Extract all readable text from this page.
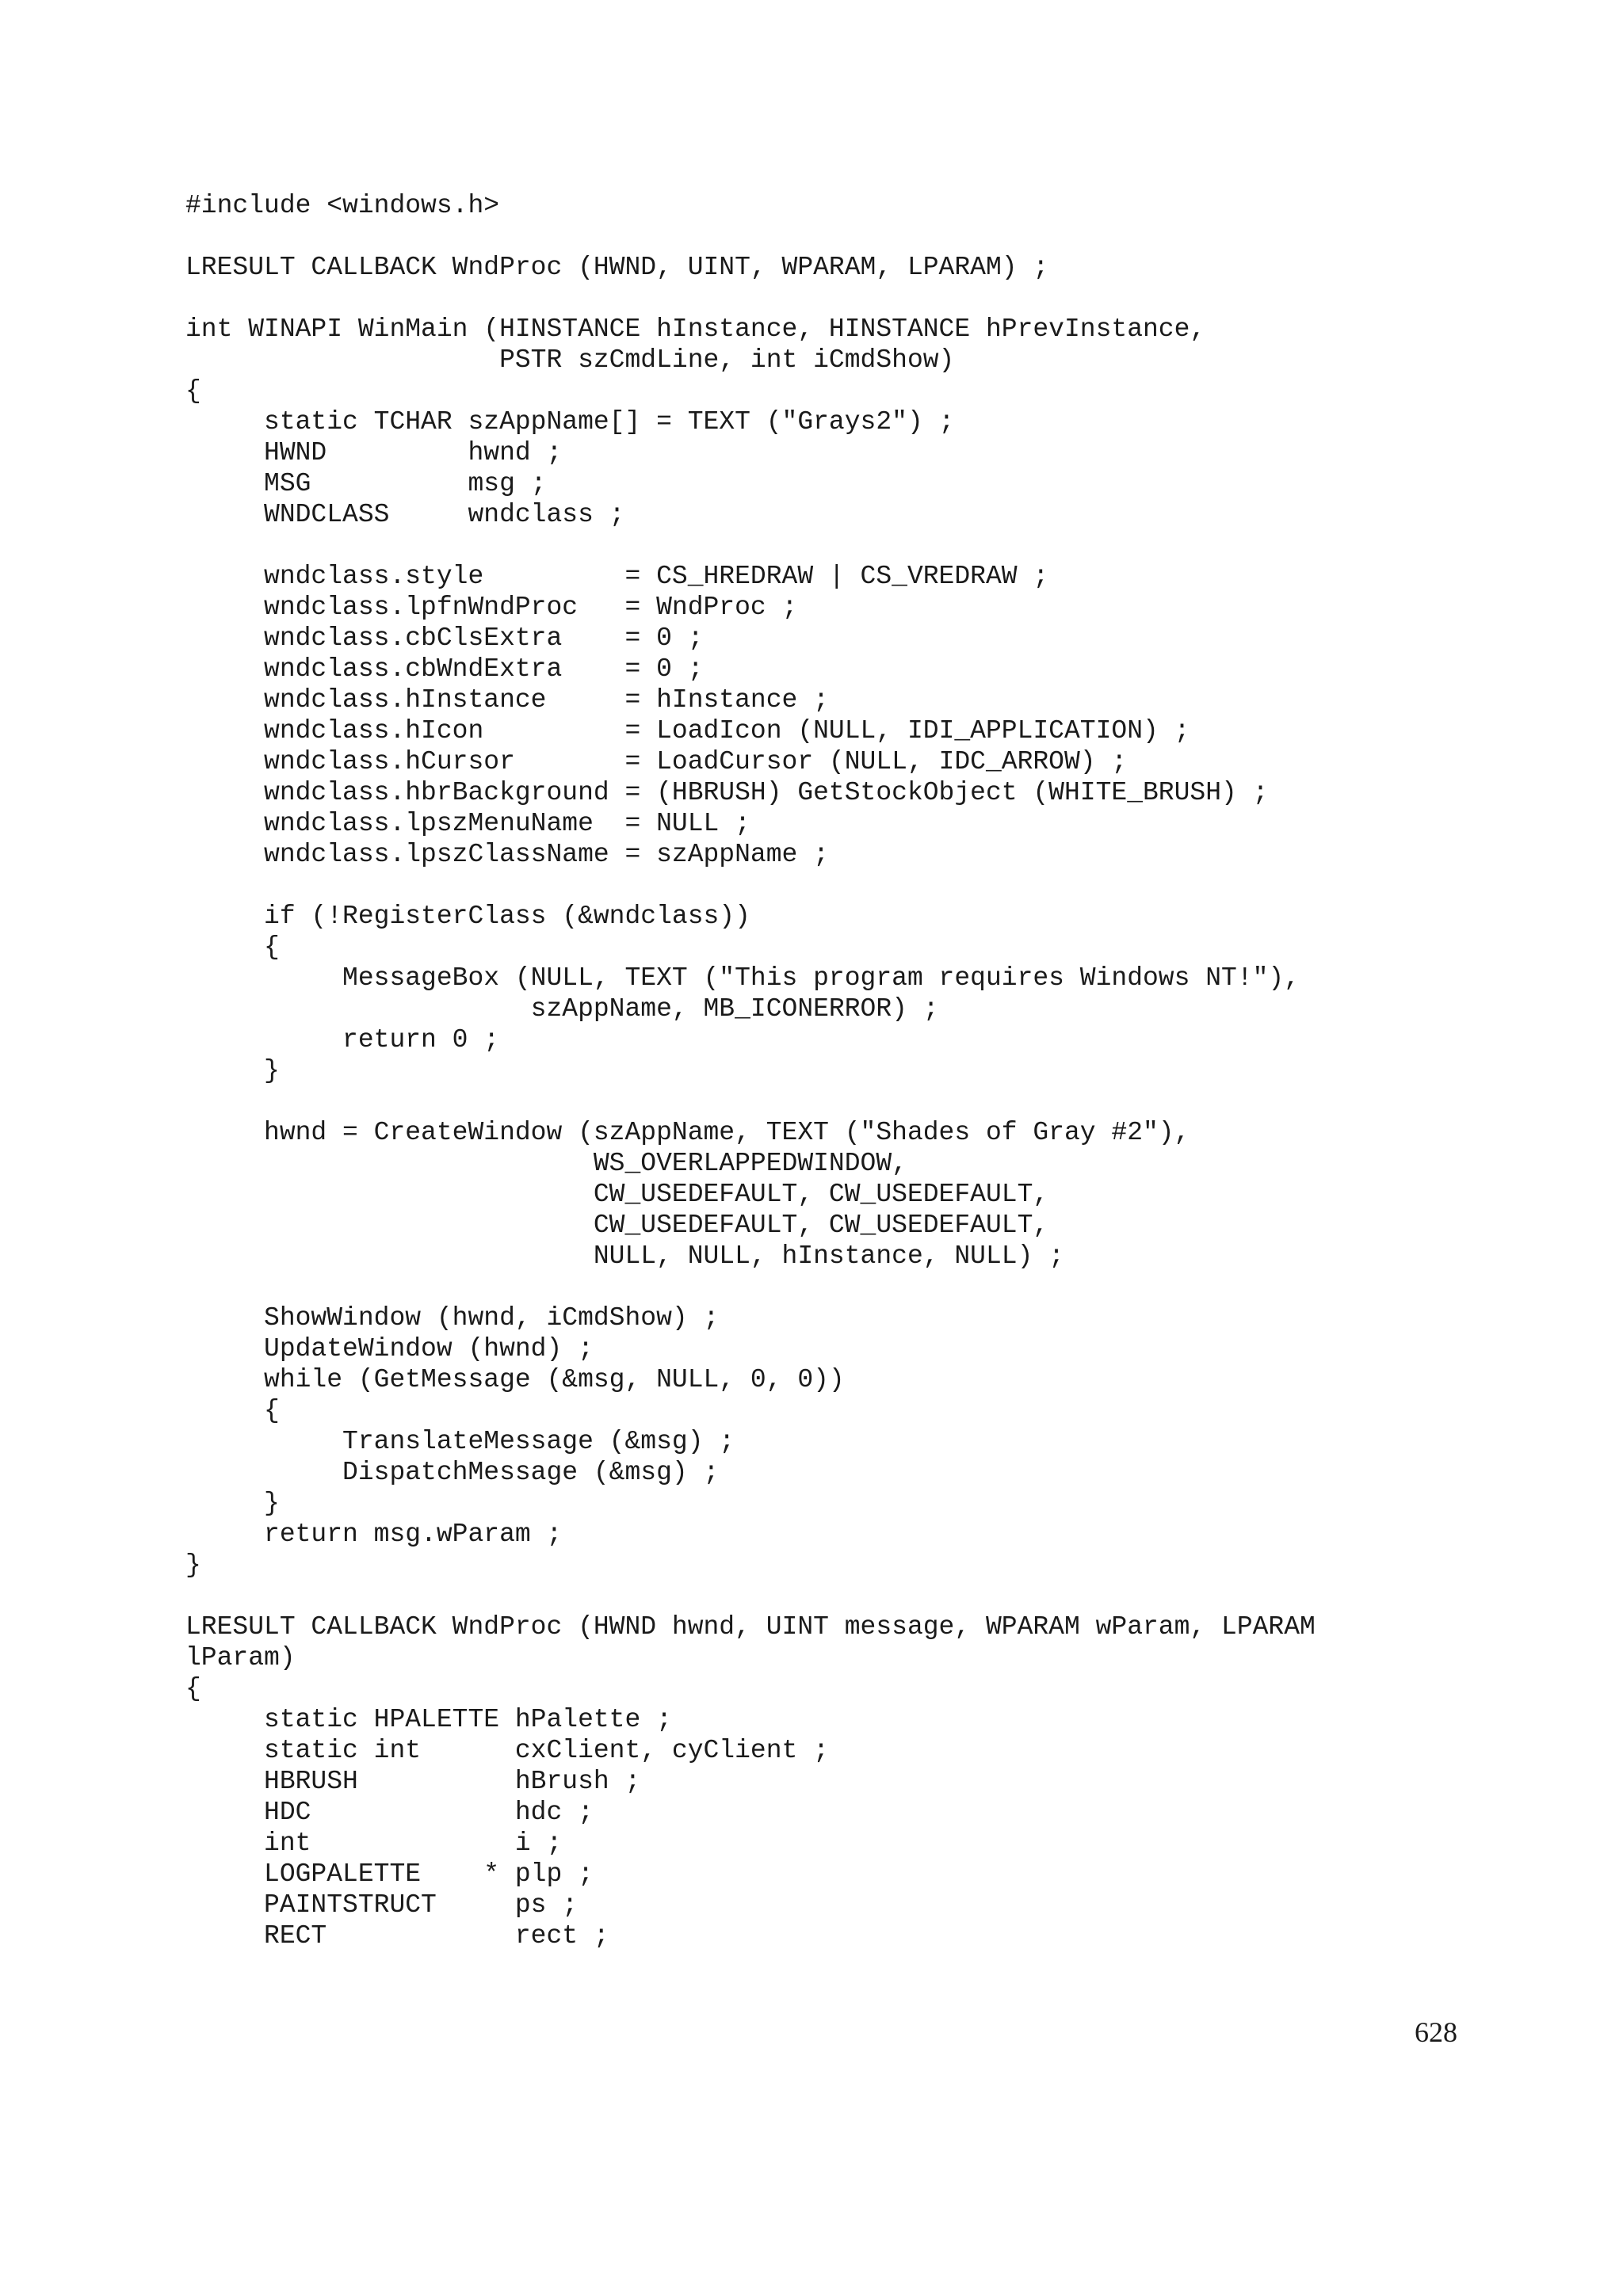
#include <windows.h>
LRESULT CALLBACK WndProc (HWND, UINT, WPARAM, LPARAM) ;
int WINAPI WinMain (HINSTANCE hInstance, HINSTANCE hPrevInstance,
PSTR szCmdLine, int iCmdShow)
{
static TCHAR szAppName[] = TEXT ("Grays2") ;
HWND         hwnd ;
MSG          msg ;
WNDCLASS     wndclass ;
wndclass.style         = CS_HREDRAW | CS_VREDRAW ;
wndclass.lpfnWndProc   = WndProc ;
wndclass.cbClsExtra    = 0 ;
wndclass.cbWndExtra    = 0 ;
wndclass.hInstance     = hInstance ;
wndclass.hIcon         = LoadIcon (NULL, IDI_APPLICATION) ;
wndclass.hCursor       = LoadCursor (NULL, IDC_ARROW) ;
wndclass.hbrBackground = (HBRUSH) GetStockObject (WHITE_BRUSH) ;
wndclass.lpszMenuName  = NULL ;
wndclass.lpszClassName = szAppName ;
if (!RegisterClass (&wndclass))
{
MessageBox (NULL, TEXT ("This program requires Windows NT!"),
szAppName, MB_ICONERROR) ;
return 0 ;
}
hwnd = CreateWindow (szAppName, TEXT ("Shades of Gray #2"),
WS_OVERLAPPEDWINDOW,
CW_USEDEFAULT, CW_USEDEFAULT,
CW_USEDEFAULT, CW_USEDEFAULT,
NULL, NULL, hInstance, NULL) ;
ShowWindow (hwnd, iCmdShow) ;
UpdateWindow (hwnd) ;
while (GetMessage (&msg, NULL, 0, 0))
{
TranslateMessage (&msg) ;
DispatchMessage (&msg) ;
}
return msg.wParam ;
}
LRESULT CALLBACK WndProc (HWND hwnd, UINT message, WPARAM wParam, LPARAM
lParam)
{
static HPALETTE hPalette ;
static int      cxClient, cyClient ;
HBRUSH          hBrush ;
HDC             hdc ;
int             i ;
LOGPALETTE    * plp ;
PAINTSTRUCT     ps ;
RECT            rect ;
628
